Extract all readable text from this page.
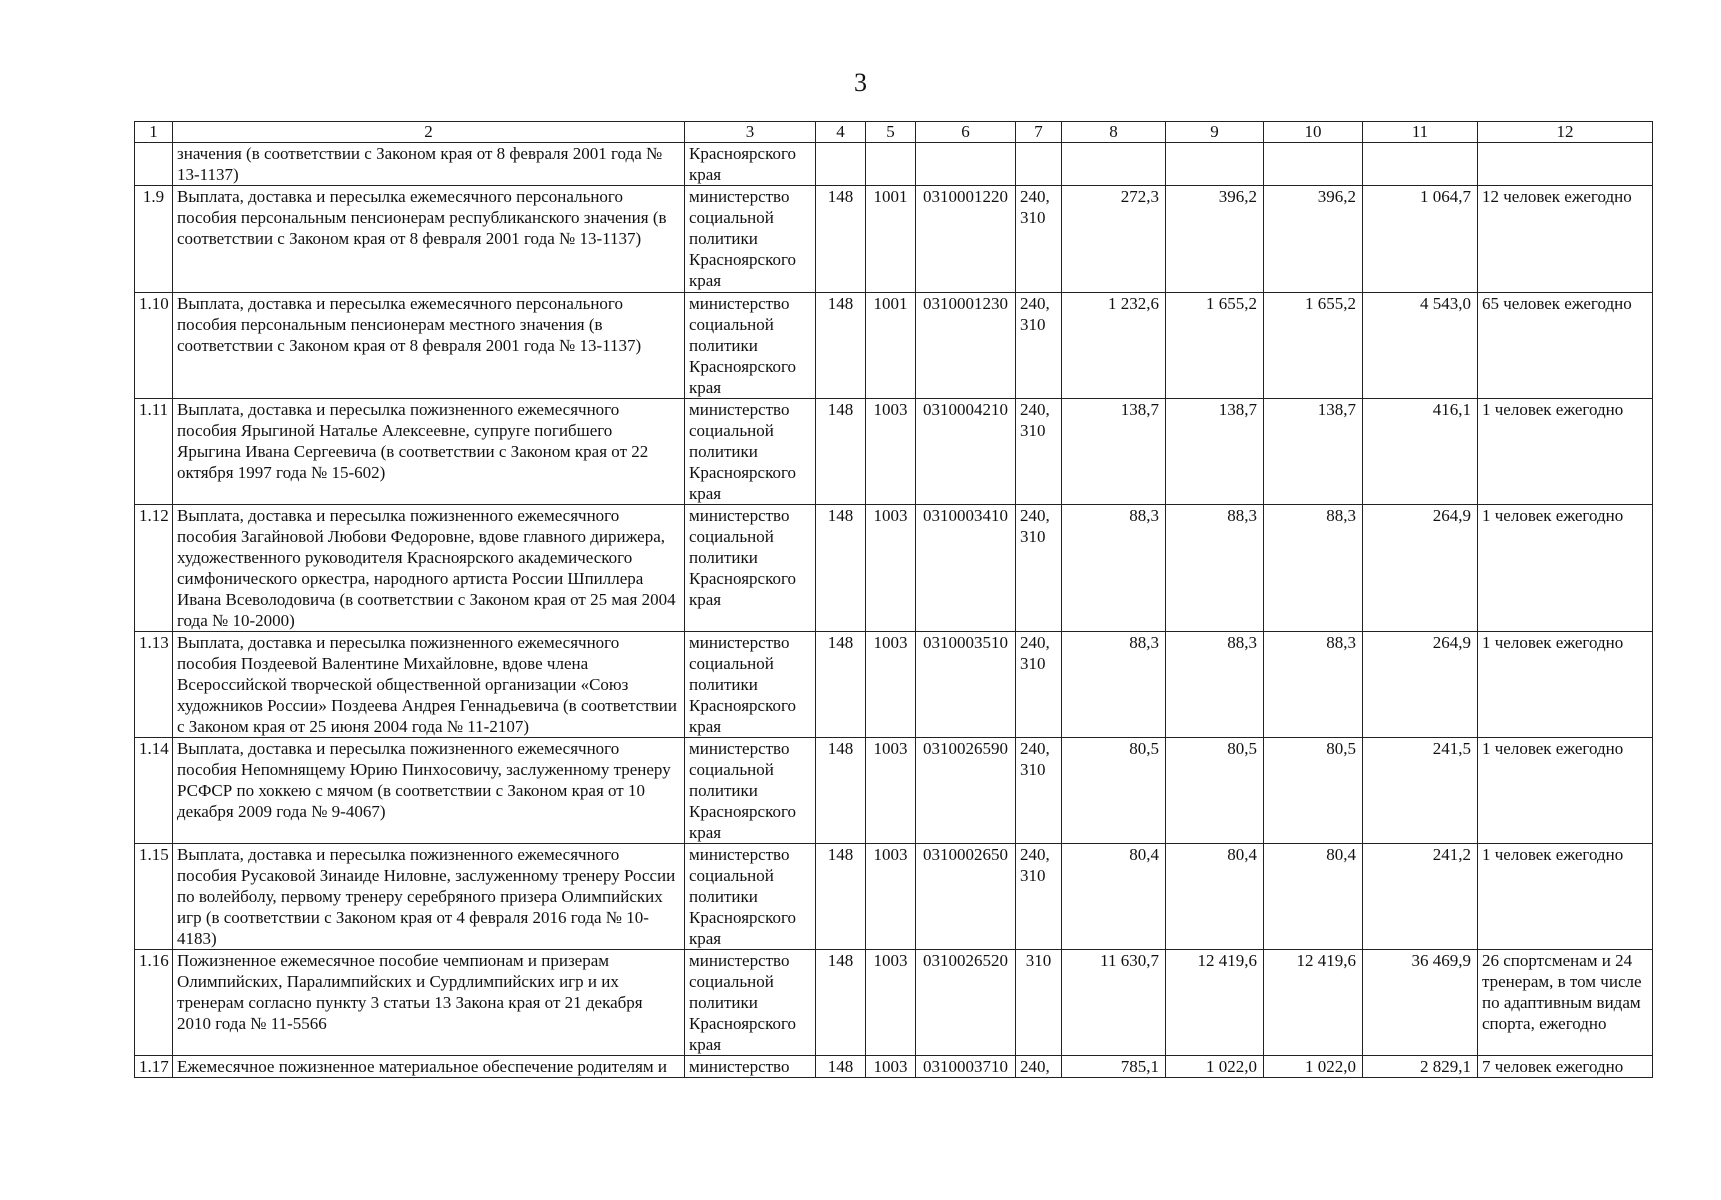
3
1	2	3	4	5	6	7	8	9	10	11	12
	значения (в соответствии с Законом края от 8 февраля 2001 года № 13-1137)	Красноярского края									
1.9	Выплата, доставка и пересылка ежемесячного персонального пособия персональным пенсионерам республиканского значения (в соответствии с Законом края от 8 февраля 2001 года № 13-1137)	министерство социальной политики Красноярского края	148	1001	0310001220	240, 310	272,3	396,2	396,2	1 064,7	12 человек ежегодно
1.10	Выплата, доставка и пересылка ежемесячного персонального пособия персональным пенсионерам местного значения (в соответствии с Законом края от 8 февраля 2001 года № 13-1137)	министерство социальной политики Красноярского края	148	1001	0310001230	240, 310	1 232,6	1 655,2	1 655,2	4 543,0	65 человек ежегодно
1.11	Выплата, доставка и пересылка пожизненного ежемесячного пособия Ярыгиной Наталье Алексеевне, супруге погибшего Ярыгина Ивана Сергеевича (в соответствии с Законом края от 22 октября 1997 года № 15-602)	министерство социальной политики Красноярского края	148	1003	0310004210	240, 310	138,7	138,7	138,7	416,1	1 человек ежегодно
1.12	Выплата, доставка и пересылка пожизненного ежемесячного пособия Загайновой Любови Федоровне, вдове главного дирижера, художественного руководителя Красноярского академического симфонического оркестра, народного артиста России Шпиллера Ивана Всеволодовича (в соответствии с Законом края от 25 мая 2004 года № 10-2000)	министерство социальной политики Красноярского края	148	1003	0310003410	240, 310	88,3	88,3	88,3	264,9	1 человек ежегодно
1.13	Выплата, доставка и пересылка пожизненного ежемесячного пособия Поздеевой Валентине Михайловне, вдове члена Всероссийской творческой общественной организации «Союз художников России» Поздеева Андрея Геннадьевича (в соответствии с Законом края от 25 июня 2004 года № 11-2107)	министерство социальной политики Красноярского края	148	1003	0310003510	240, 310	88,3	88,3	88,3	264,9	1 человек ежегодно
1.14	Выплата, доставка и пересылка пожизненного ежемесячного пособия Непомнящему Юрию Пинхосовичу, заслуженному тренеру РСФСР по хоккею с мячом (в соответствии с Законом края от 10 декабря 2009 года № 9-4067)	министерство социальной политики Красноярского края	148	1003	0310026590	240, 310	80,5	80,5	80,5	241,5	1 человек ежегодно
1.15	Выплата, доставка и пересылка пожизненного ежемесячного пособия Русаковой Зинаиде Ниловне, заслуженному тренеру России по волейболу, первому тренеру серебряного призера Олимпийских игр (в соответствии с Законом края от 4 февраля 2016 года № 10-4183)	министерство социальной политики Красноярского края	148	1003	0310002650	240, 310	80,4	80,4	80,4	241,2	1 человек ежегодно
1.16	Пожизненное ежемесячное пособие чемпионам и призерам Олимпийских, Паралимпийских и Сурдлимпийских игр и их тренерам согласно пункту 3 статьи 13 Закона края от 21 декабря 2010 года № 11-5566	министерство социальной политики Красноярского края	148	1003	0310026520	310	11 630,7	12 419,6	12 419,6	36 469,9	26 спортсменам и 24 тренерам, в том числе по адаптивным видам спорта, ежегодно
1.17	Ежемесячное пожизненное материальное обеспечение родителям и	министерство	148	1003	0310003710	240,	785,1	1 022,0	1 022,0	2 829,1	7 человек ежегодно
